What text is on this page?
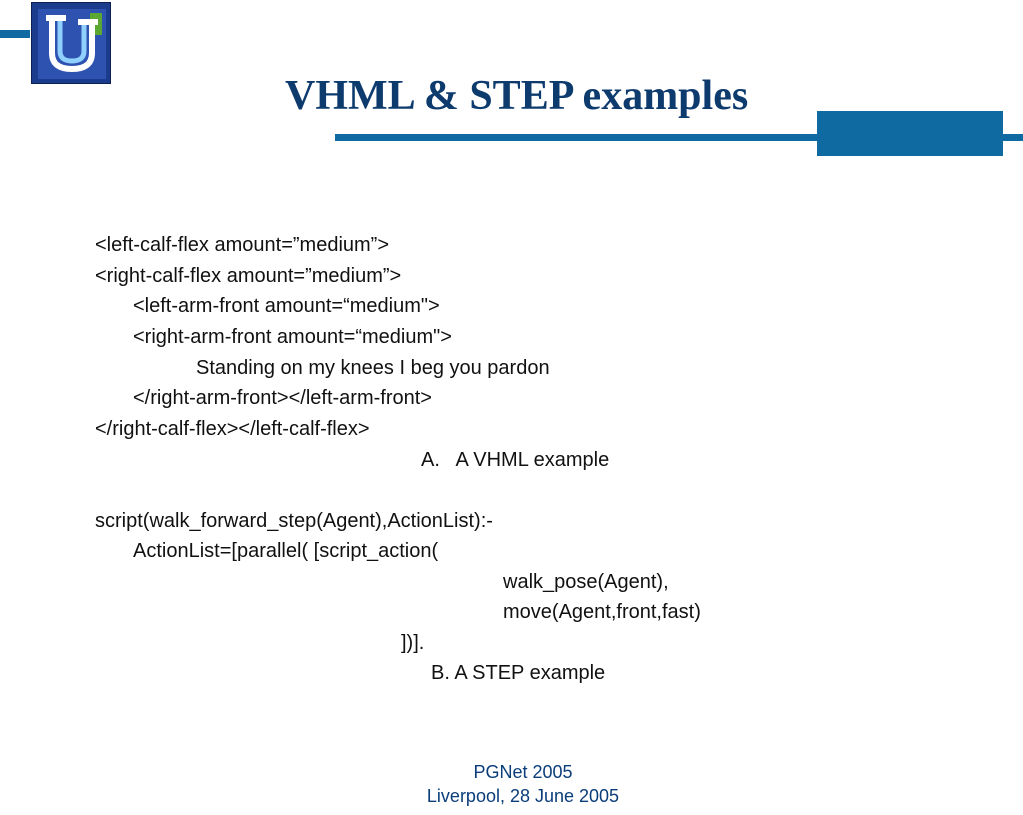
VHML & STEP examples
<left-calf-flex amount=”medium”>
<right-calf-flex amount=”medium”>
<left-arm-front amount=“medium">
<right-arm-front amount=“medium">
Standing on my knees I beg you pardon
</right-arm-front></left-arm-front>
</right-calf-flex></left-calf-flex>
A.   A VHML example
script(walk_forward_step(Agent),ActionList):-
ActionList=[parallel( [script_action(
walk_pose(Agent),
move(Agent,front,fast)
])].
B. A STEP example
PGNet 2005
Liverpool, 28 June 2005
